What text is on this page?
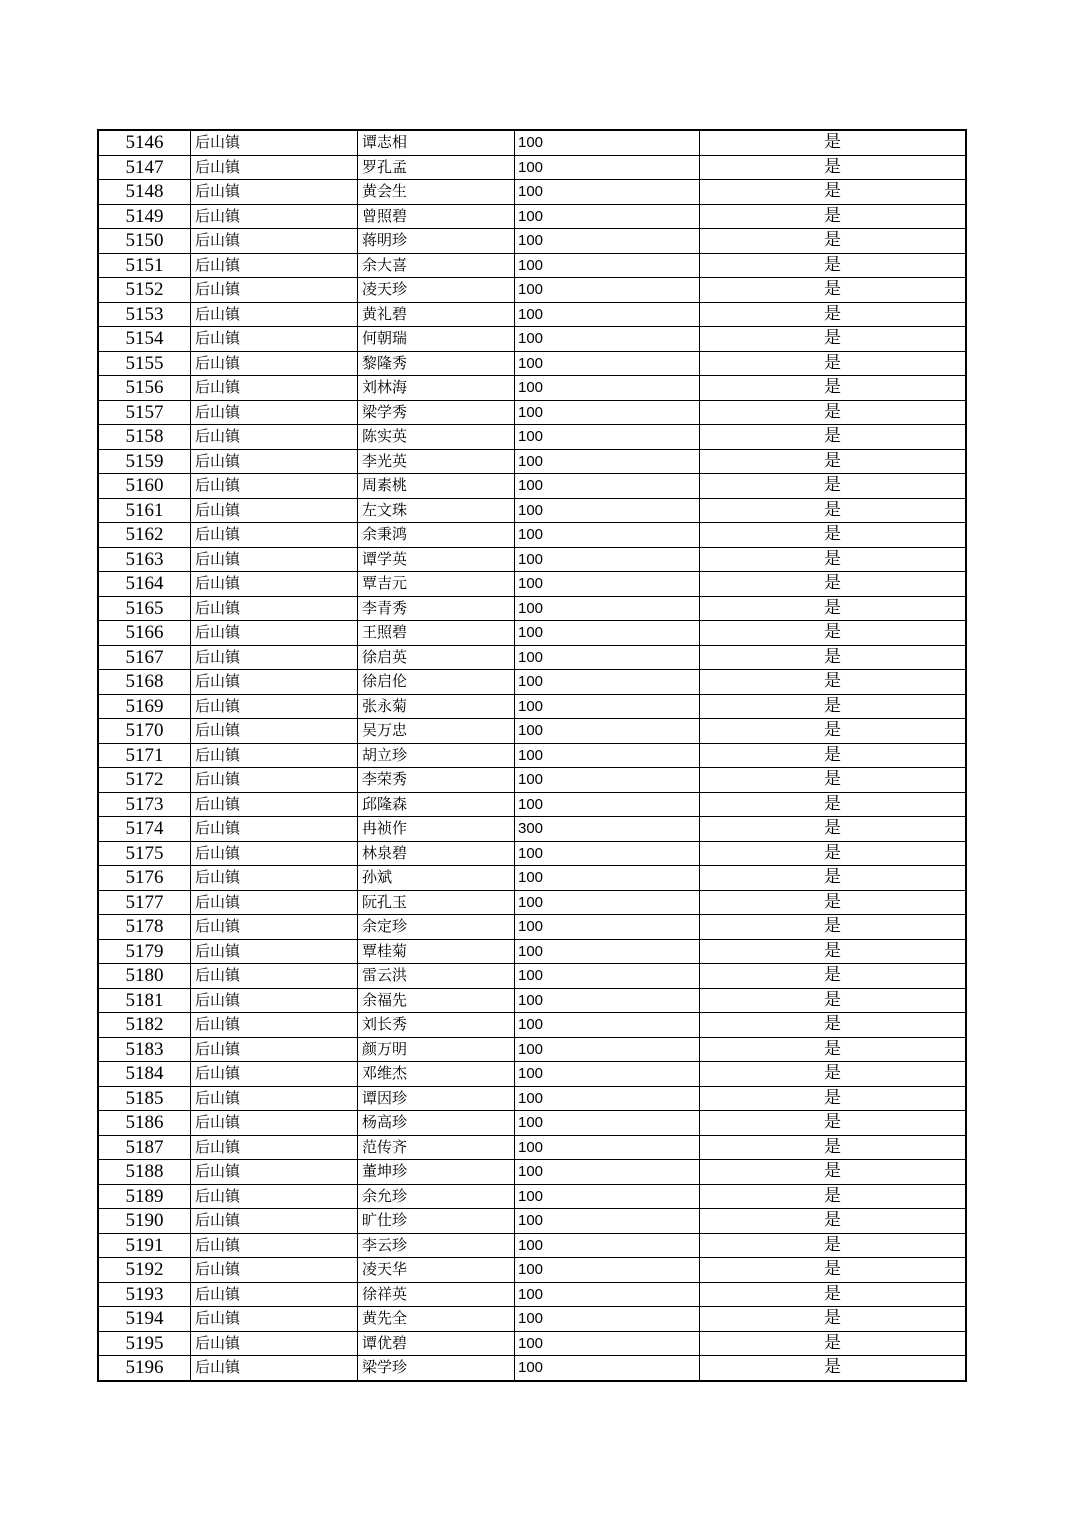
5146	后山镇	谭志相	100	是
5147	后山镇	罗孔孟	100	是
5148	后山镇	黄会生	100	是
5149	后山镇	曾照碧	100	是
5150	后山镇	蒋明珍	100	是
5151	后山镇	余大喜	100	是
5152	后山镇	凌天珍	100	是
5153	后山镇	黄礼碧	100	是
5154	后山镇	何朝瑞	100	是
5155	后山镇	黎隆秀	100	是
5156	后山镇	刘林海	100	是
5157	后山镇	梁学秀	100	是
5158	后山镇	陈实英	100	是
5159	后山镇	李光英	100	是
5160	后山镇	周素桃	100	是
5161	后山镇	左文珠	100	是
5162	后山镇	余秉鸿	100	是
5163	后山镇	谭学英	100	是
5164	后山镇	覃吉元	100	是
5165	后山镇	李青秀	100	是
5166	后山镇	王照碧	100	是
5167	后山镇	徐启英	100	是
5168	后山镇	徐启伦	100	是
5169	后山镇	张永菊	100	是
5170	后山镇	吴万忠	100	是
5171	后山镇	胡立珍	100	是
5172	后山镇	李荣秀	100	是
5173	后山镇	邱隆森	100	是
5174	后山镇	冉祯作	300	是
5175	后山镇	林泉碧	100	是
5176	后山镇	孙斌	100	是
5177	后山镇	阮孔玉	100	是
5178	后山镇	余定珍	100	是
5179	后山镇	覃桂菊	100	是
5180	后山镇	雷云洪	100	是
5181	后山镇	余福先	100	是
5182	后山镇	刘长秀	100	是
5183	后山镇	颜万明	100	是
5184	后山镇	邓维杰	100	是
5185	后山镇	谭因珍	100	是
5186	后山镇	杨高珍	100	是
5187	后山镇	范传齐	100	是
5188	后山镇	董坤珍	100	是
5189	后山镇	余允珍	100	是
5190	后山镇	旷仕珍	100	是
5191	后山镇	李云珍	100	是
5192	后山镇	凌天华	100	是
5193	后山镇	徐祥英	100	是
5194	后山镇	黄先全	100	是
5195	后山镇	谭优碧	100	是
5196	后山镇	梁学珍	100	是
